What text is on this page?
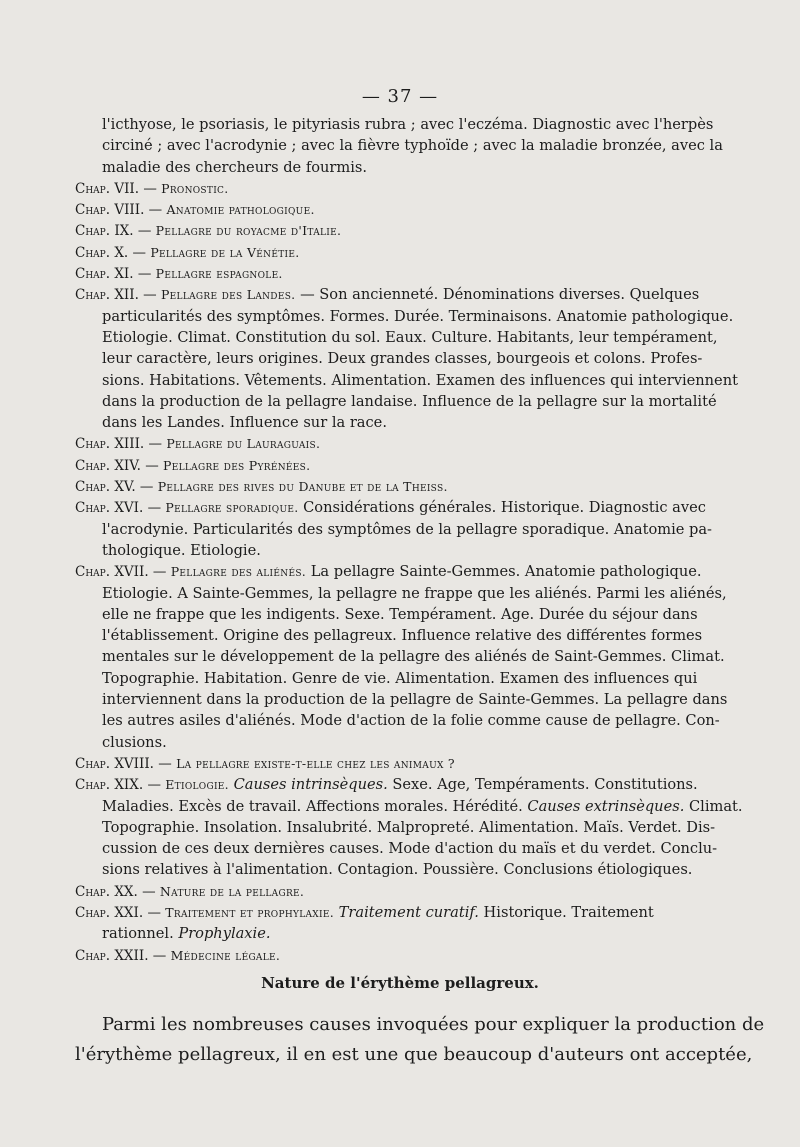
— 37 —
l'icthyose, le psoriasis, le pityriasis rubra ; avec l'eczéma. Diagnostic avec l'herpès
circiné ; avec l'acrodynie ; avec la fièvre typhoïde ; avec la maladie bronzée, avec la
maladie des chercheurs de fourmis.
Chap. VII. — Pronostic.
Chap. VIII. — Anatomie pathologique.
Chap. IX. — Pellagre du royacme d'Italie.
Chap. X. — Pellagre de la Vénétie.
Chap. XI. — Pellagre espagnole.
Chap. XII. — Pellagre des Landes. — Son ancienneté. Dénominations diverses. Quelques
particularités des symptômes. Formes. Durée. Terminaisons. Anatomie pathologique.
Etiologie. Climat. Constitution du sol. Eaux. Culture. Habitants, leur tempérament,
leur caractère, leurs origines. Deux grandes classes, bourgeois et colons. Profes-
sions. Habitations. Vêtements. Alimentation. Examen des influences qui interviennent
dans la production de la pellagre landaise. Influence de la pellagre sur la mortalité
dans les Landes. Influence sur la race.
Chap. XIII. — Pellagre du Lauraguais.
Chap. XIV. — Pellagre des Pyrénées.
Chap. XV. — Pellagre des rives du Danube et de la Theiss.
Chap. XVI. — Pellagre sporadique. Considérations générales. Historique. Diagnostic avec
l'acrodynie. Particularités des symptômes de la pellagre sporadique. Anatomie pa-
thologique. Etiologie.
Chap. XVII. — Pellagre des aliénés. La pellagre Sainte-Gemmes. Anatomie pathologique.
Etiologie. A Sainte-Gemmes, la pellagre ne frappe que les aliénés. Parmi les aliénés,
elle ne frappe que les indigents. Sexe. Tempérament. Age. Durée du séjour dans
l'établissement. Origine des pellagreux. Influence relative des différentes formes
mentales sur le développement de la pellagre des aliénés de Saint-Gemmes. Climat.
Topographie. Habitation. Genre de vie. Alimentation. Examen des influences qui
interviennent dans la production de la pellagre de Sainte-Gemmes. La pellagre dans
les autres asiles d'aliénés. Mode d'action de la folie comme cause de pellagre. Con-
clusions.
Chap. XVIII. — La pellagre existe-t-elle chez les animaux ?
Chap. XIX. — Etiologie. Causes intrinsèques. Sexe. Age, Tempéraments. Constitutions.
Maladies. Excès de travail. Affections morales. Hérédité. Causes extrinsèques. Climat.
Topographie. Insolation. Insalubrité. Malpropreté. Alimentation. Maïs. Verdet. Dis-
cussion de ces deux dernières causes. Mode d'action du maïs et du verdet. Conclu-
sions relatives à l'alimentation. Contagion. Poussière. Conclusions étiologiques.
Chap. XX. — Nature de la pellagre.
Chap. XXI. — Traitement et prophylaxie. Traitement curatif. Historique. Traitement
rationnel. Prophylaxie.
Chap. XXII. — Médecine légale.
Nature de l'érythème pellagreux.
Parmi les nombreuses causes invoquées pour expliquer la production de
l'érythème pellagreux, il en est une que beaucoup d'auteurs ont acceptée,
